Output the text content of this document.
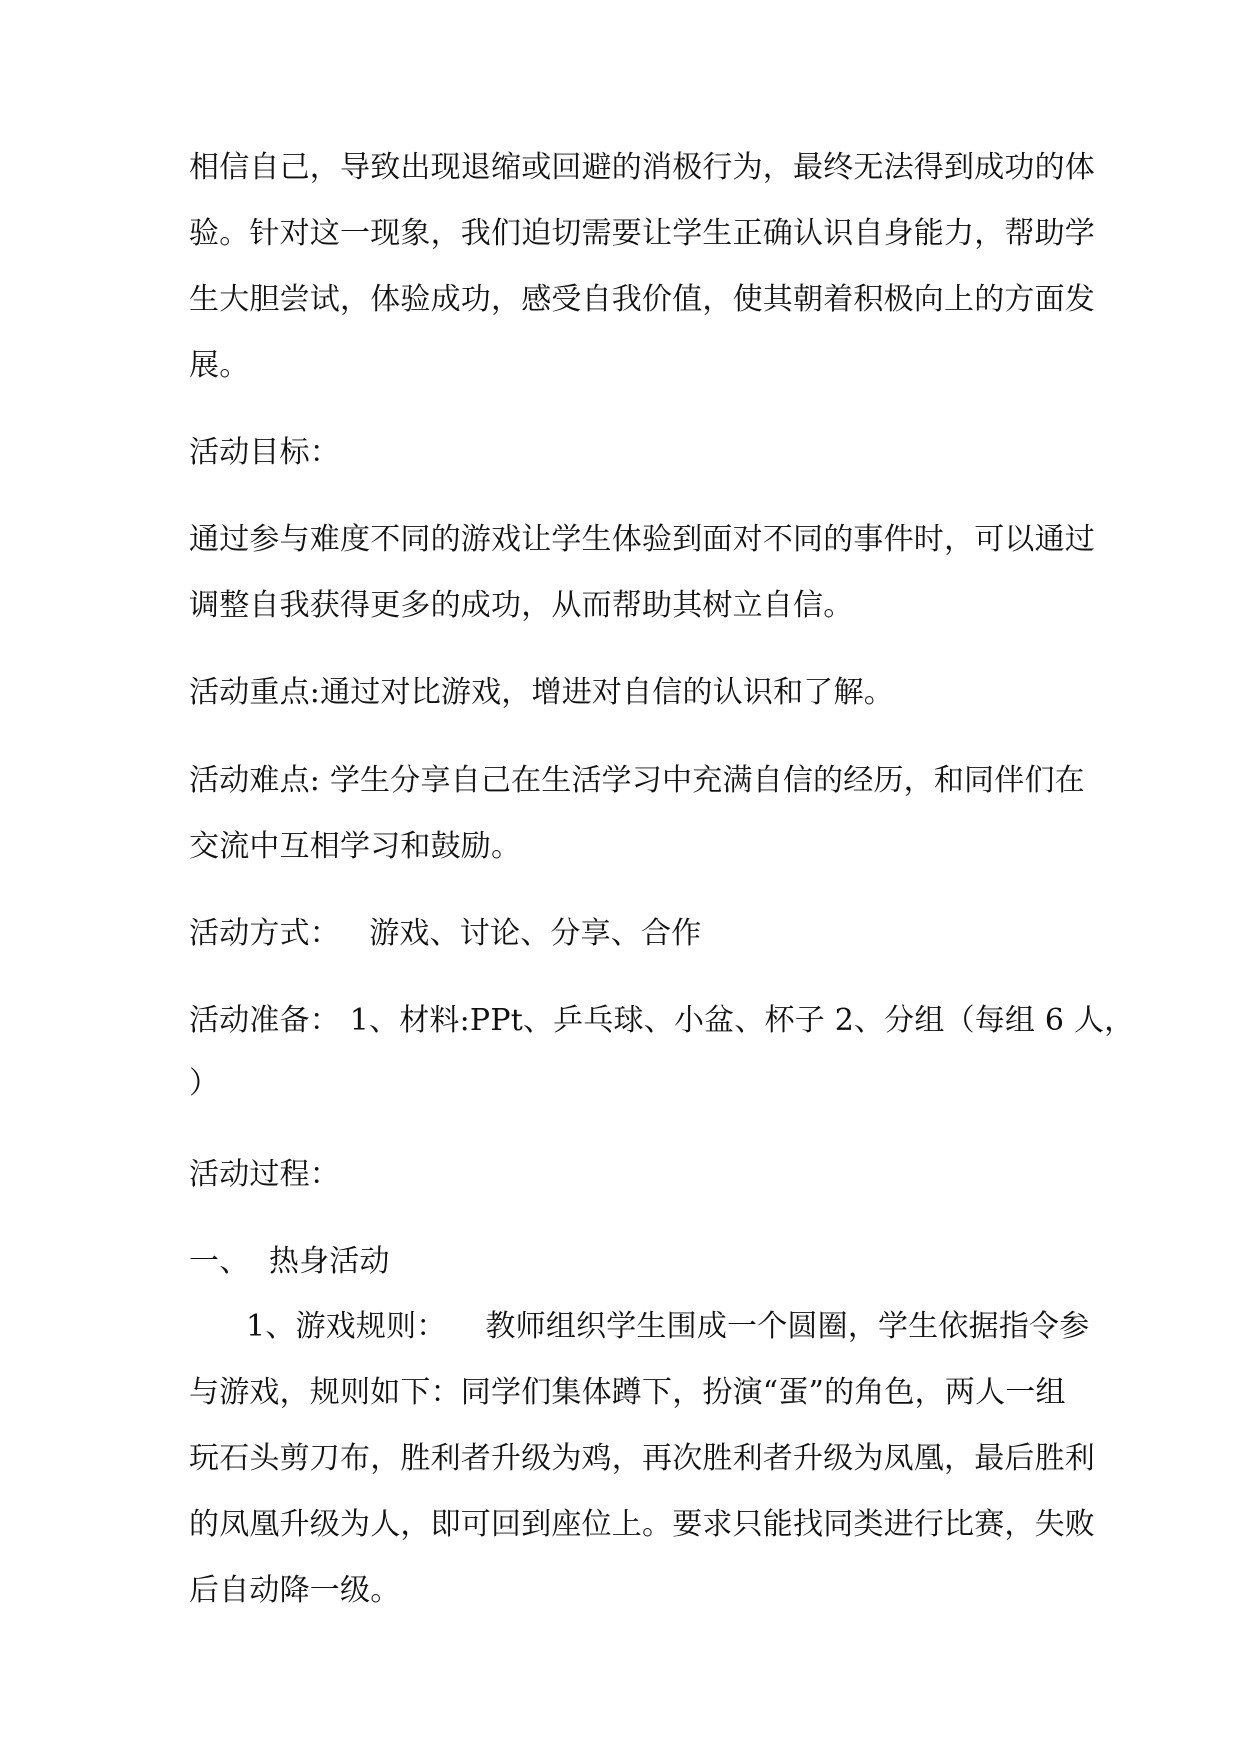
相信自己，导致出现退缩或回避的消极行为，最终无法得到成功的体
验。针对这一现象，我们迫切需要让学生正确认识自身能力，帮助学
生大胆尝试，体验成功，感受自我价值，使其朝着积极向上的方面发
展。
活动目标：
通过参与难度不同的游戏让学生体验到面对不同的事件时，可以通过
调整自我获得更多的成功，从而帮助其树立自信。
活动重点:通过对比游戏，增进对自信的认识和了解。
活动难点: 学生分享自己在生活学习中充满自信的经历，和同伴们在
交流中互相学习和鼓励。
活动方式：   游戏、讨论、分享、合作
活动准备： 1、材料:PPt、乒乓球、小盆、杯子 2、分组（每组 6 人，
）
活动过程：
一、  热身活动
1、游戏规则：    教师组织学生围成一个圆圈，学生依据指令参
与游戏，规则如下：同学们集体蹲下，扮演“蛋”的角色，两人一组
玩石头剪刀布，胜利者升级为鸡，再次胜利者升级为凤凰，最后胜利
的凤凰升级为人，即可回到座位上。要求只能找同类进行比赛，失败
后自动降一级。
